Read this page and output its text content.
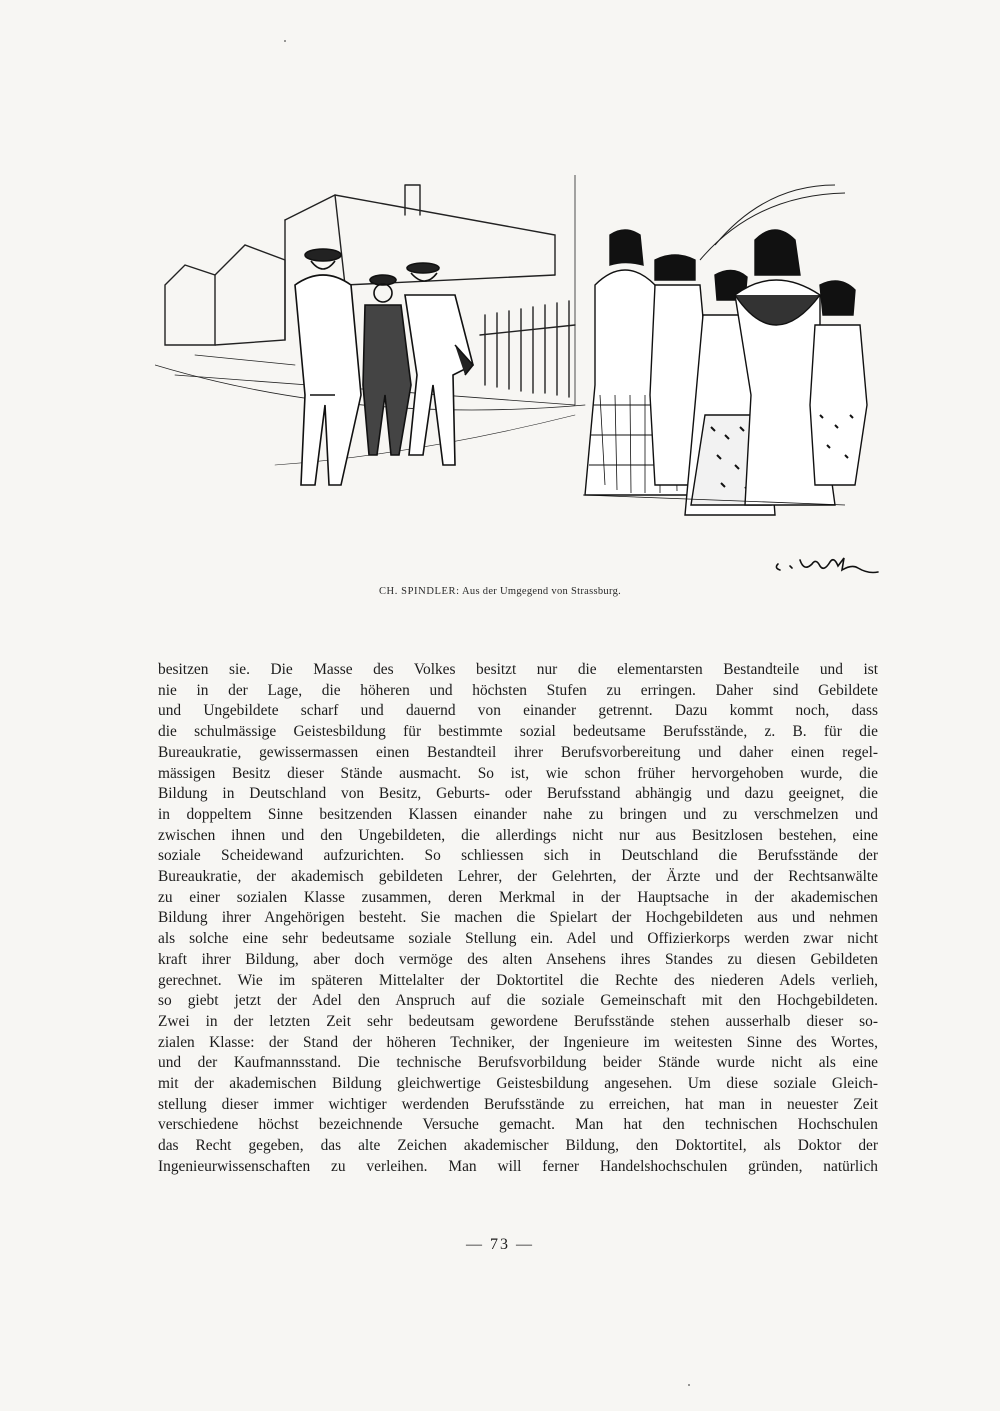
CH. SPINDLER: Aus der Umgegend von Strassburg.
besitzen sie. Die Masse des Volkes besitzt nur die elementarsten Bestandteile und ist
nie in der Lage, die höheren und höchsten Stufen zu erringen. Daher sind Gebildete
und Ungebildete scharf und dauernd von einander getrennt. Dazu kommt noch, dass
die schulmässige Geistesbildung für bestimmte sozial bedeutsame Berufsstände, z. B. für die
Bureaukratie, gewissermassen einen Bestandteil ihrer Berufsvorbereitung und daher einen regel-
mässigen Besitz dieser Stände ausmacht. So ist, wie schon früher hervorgehoben wurde, die
Bildung in Deutschland von Besitz, Geburts- oder Berufsstand abhängig und dazu geeignet, die
in doppeltem Sinne besitzenden Klassen einander nahe zu bringen und zu verschmelzen und
zwischen ihnen und den Ungebildeten, die allerdings nicht nur aus Besitzlosen bestehen, eine
soziale Scheidewand aufzurichten. So schliessen sich in Deutschland die Berufsstände der
Bureaukratie, der akademisch gebildeten Lehrer, der Gelehrten, der Ärzte und der Rechtsanwälte
zu einer sozialen Klasse zusammen, deren Merkmal in der Hauptsache in der akademischen
Bildung ihrer Angehörigen besteht. Sie machen die Spielart der Hochgebildeten aus und nehmen
als solche eine sehr bedeutsame soziale Stellung ein. Adel und Offizierkorps werden zwar nicht
kraft ihrer Bildung, aber doch vermöge des alten Ansehens ihres Standes zu diesen Gebildeten
gerechnet. Wie im späteren Mittelalter der Doktortitel die Rechte des niederen Adels verlieh,
so giebt jetzt der Adel den Anspruch auf die soziale Gemeinschaft mit den Hochgebildeten.
Zwei in der letzten Zeit sehr bedeutsam gewordene Berufsstände stehen ausserhalb dieser so-
zialen Klasse: der Stand der höheren Techniker, der Ingenieure im weitesten Sinne des Wortes,
und der Kaufmannsstand. Die technische Berufsvorbildung beider Stände wurde nicht als eine
mit der akademischen Bildung gleichwertige Geistesbildung angesehen. Um diese soziale Gleich-
stellung dieser immer wichtiger werdenden Berufsstände zu erreichen, hat man in neuester Zeit
verschiedene höchst bezeichnende Versuche gemacht. Man hat den technischen Hochschulen
das Recht gegeben, das alte Zeichen akademischer Bildung, den Doktortitel, als Doktor der
Ingenieurwissenschaften zu verleihen. Man will ferner Handelshochschulen gründen, natürlich
— 73 —
